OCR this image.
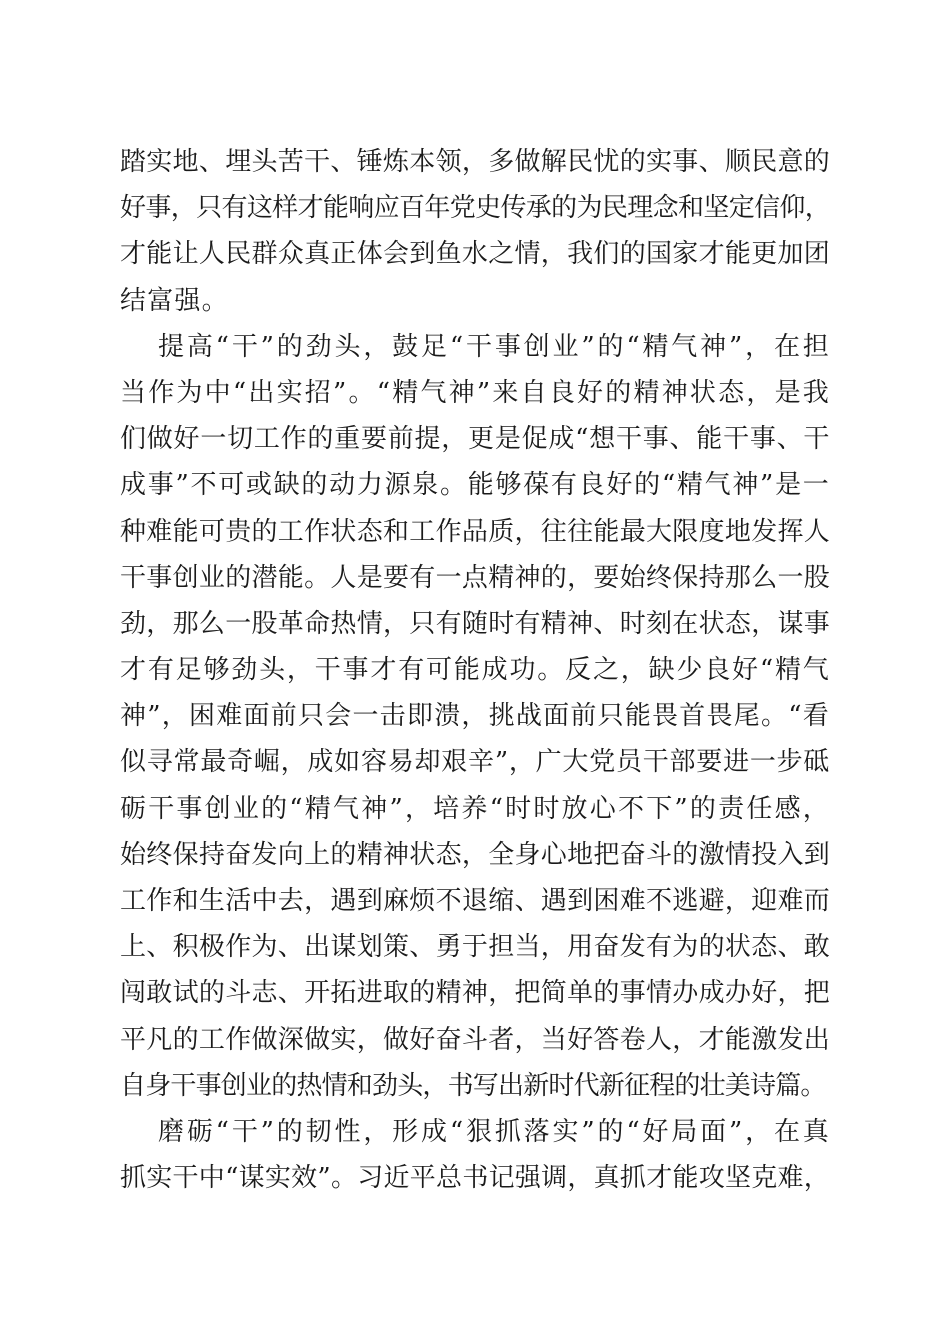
踏实地、埋头苦干、锤炼本领，多做解民忧的实事、顺民意的
好事，只有这样才能响应百年党史传承的为民理念和坚定信仰，
才能让人民群众真正体会到鱼水之情，我们的国家才能更加团
结富强。
提高“干”的劲头，鼓足“干事创业”的“精气神”，在担
当作为中“出实招”。“精气神”来自良好的精神状态，是我
们做好一切工作的重要前提，更是促成“想干事、能干事、干
成事”不可或缺的动力源泉。能够葆有良好的“精气神”是一
种难能可贵的工作状态和工作品质，往往能最大限度地发挥人
干事创业的潜能。人是要有一点精神的，要始终保持那么一股
劲，那么一股革命热情，只有随时有精神、时刻在状态，谋事
才有足够劲头，干事才有可能成功。反之，缺少良好“精气
神”，困难面前只会一击即溃，挑战面前只能畏首畏尾。“看
似寻常最奇崛，成如容易却艰辛”，广大党员干部要进一步砥
砺干事创业的“精气神”，培养“时时放心不下”的责任感，
始终保持奋发向上的精神状态，全身心地把奋斗的激情投入到
工作和生活中去，遇到麻烦不退缩、遇到困难不逃避，迎难而
上、积极作为、出谋划策、勇于担当，用奋发有为的状态、敢
闯敢试的斗志、开拓进取的精神，把简单的事情办成办好，把
平凡的工作做深做实，做好奋斗者，当好答卷人，才能激发出
自身干事创业的热情和劲头，书写出新时代新征程的壮美诗篇。
磨砺“干”的韧性，形成“狠抓落实”的“好局面”，在真
抓实干中“谋实效”。习近平总书记强调，真抓才能攻坚克难，
